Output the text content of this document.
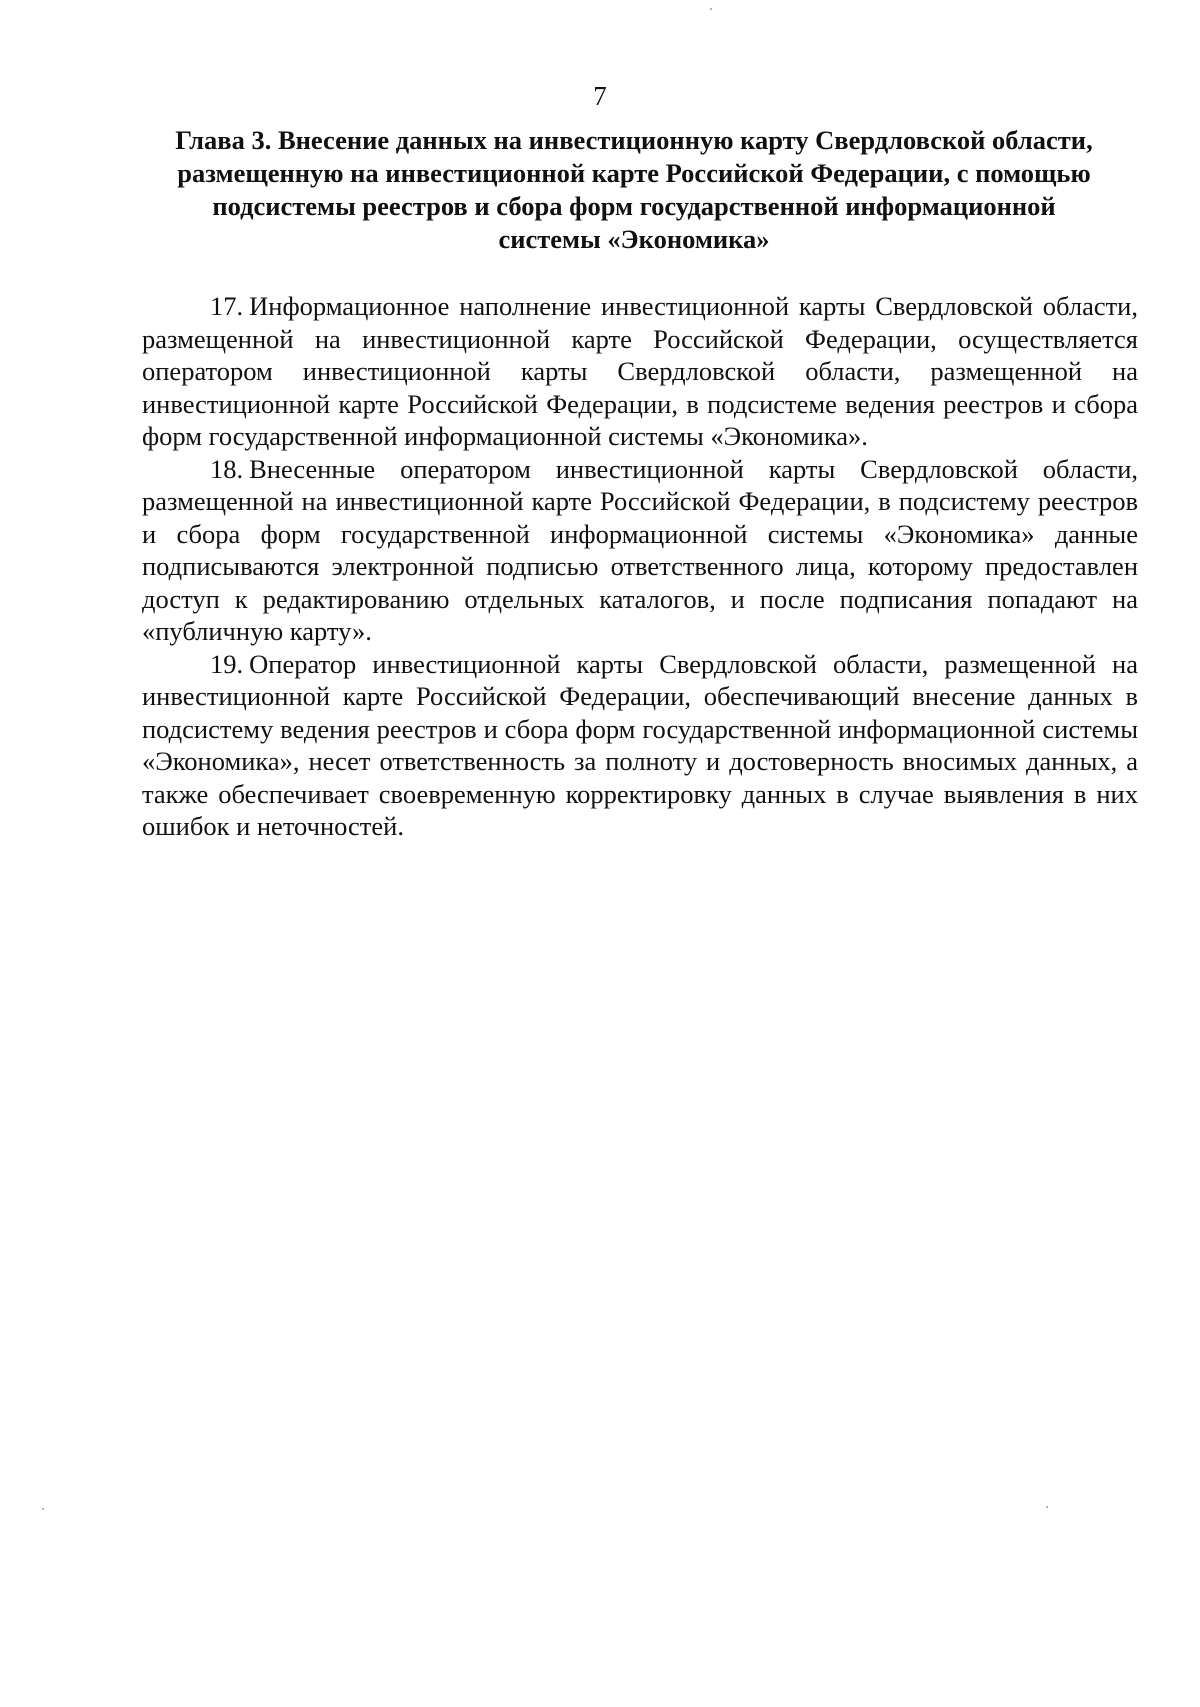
7
Глава 3. Внесение данных на инвестиционную карту Свердловской области,
размещенную на инвестиционной карте Российской Федерации, с помощью
подсистемы реестров и сбора форм государственной информационной
системы «Экономика»

17. Информационное наполнение инвестиционной карты Свердловской области, размещенной на инвестиционной карте Российской Федерации, осуществляется оператором инвестиционной карты Свердловской области, размещенной на инвестиционной карте Российской Федерации, в подсистеме ведения реестров и сбора форм государственной информационной системы «Экономика».

18. Внесенные оператором инвестиционной карты Свердловской области, размещенной на инвестиционной карте Российской Федерации, в подсистему реестров и сбора форм государственной информационной системы «Экономика» данные подписываются электронной подписью ответственного лица, которому предоставлен доступ к редактированию отдельных каталогов, и после подписания попадают на «публичную карту».

19. Оператор инвестиционной карты Свердловской области, размещенной на инвестиционной карте Российской Федерации, обеспечивающий внесение данных в подсистему ведения реестров и сбора форм государственной информационной системы «Экономика», несет ответственность за полноту и достоверность вносимых данных, а также обеспечивает своевременную корректировку данных в случае выявления в них ошибок и неточностей.
